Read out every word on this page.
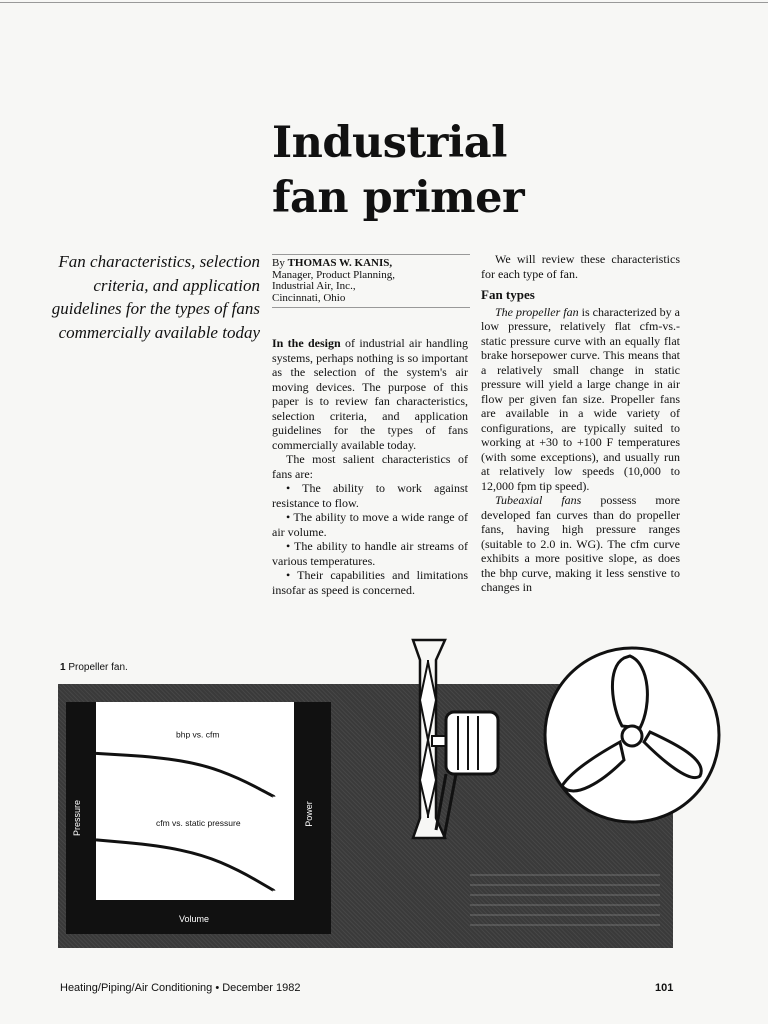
Industrial
fan primer
Fan characteristics, selection criteria, and application guidelines for the types of fans commercially available today
By THOMAS W. KANIS,
Manager, Product Planning,
Industrial Air, Inc.,
Cincinnati, Ohio

In the design of industrial air handling systems, perhaps nothing is so important as the selection of the system's air moving devices. The purpose of this paper is to review fan characteristics, selection criteria, and application guidelines for the types of fans commercially available today.

The most salient characteristics of fans are:

• The ability to work against resistance to flow.

• The ability to move a wide range of air volume.

• The ability to handle air streams of various temperatures.

• Their capabilities and limitations insofar as speed is concerned.

We will review these characteristics for each type of fan.

Fan types

The propeller fan is characterized by a low pressure, relatively flat cfm-vs.-static pressure curve with an equally flat brake horsepower curve. This means that a relatively small change in static pressure will yield a large change in air flow per given fan size. Propeller fans are available in a wide variety of configurations, are typically suited to working at +30 to +100 F temperatures (with some exceptions), and usually run at relatively low speeds (10,000 to 12,000 fpm tip speed).

Tubeaxial fans possess more developed fan curves than do propeller fans, having high pressure ranges (suitable to 2.0 in. WG). The cfm curve exhibits a more positive slope, as does the bhp curve, making it less senstive to changes in

1 Propeller fan.
bhp vs. cfm
cfm vs. static pressure
Pressure	Power
Volume
Heating/Piping/Air Conditioning • December 1982	101
